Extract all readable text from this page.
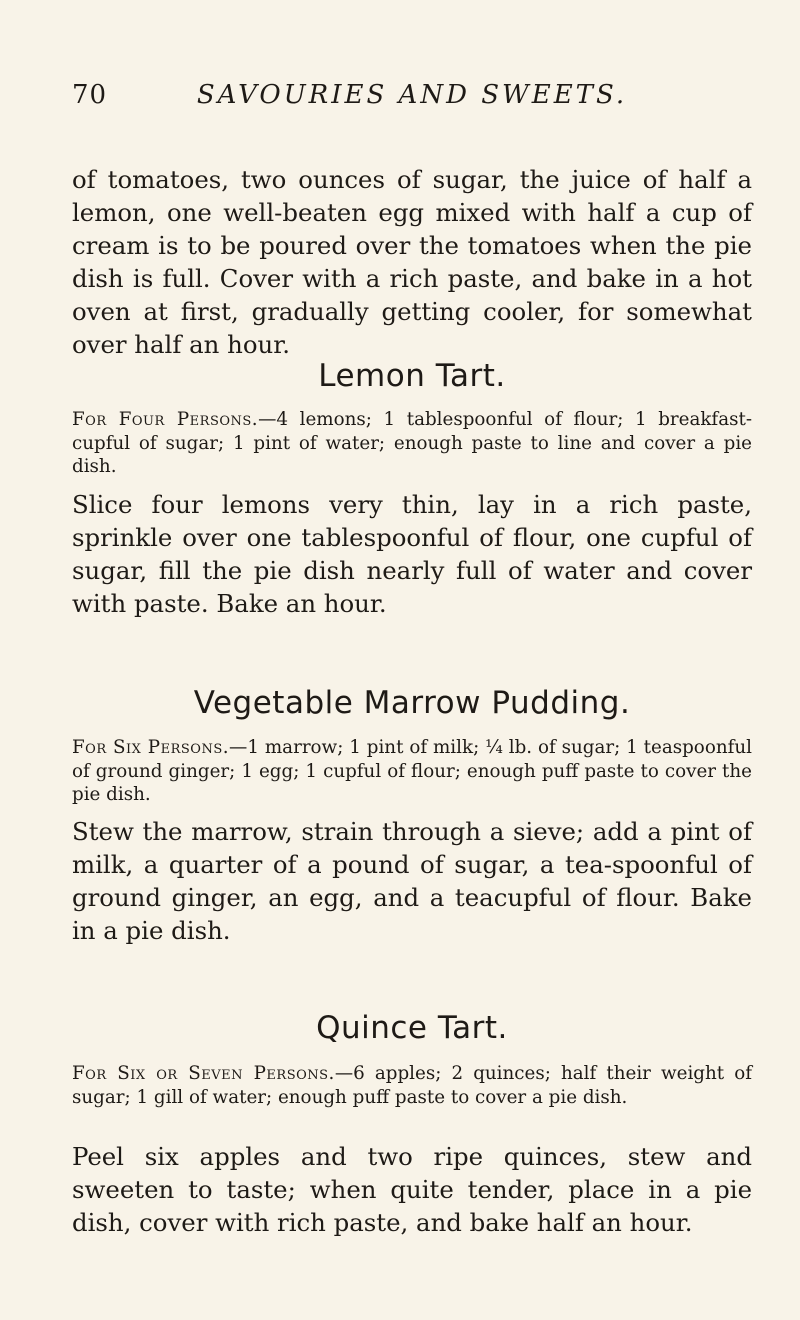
70	SAVOURIES AND SWEETS.

of tomatoes, two ounces of sugar, the juice of half a lemon, one well-beaten egg mixed with half a cup of cream is to be poured over the tomatoes when the pie dish is full. Cover with a rich paste, and bake in a hot oven at first, gradually getting cooler, for somewhat over half an hour.

Lemon Tart.

For Four Persons.—4 lemons; 1 tablespoonful of flour; 1 breakfast-cupful of sugar; 1 pint of water; enough paste to line and cover a pie dish.

Slice four lemons very thin, lay in a rich paste, sprinkle over one tablespoonful of flour, one cupful of sugar, fill the pie dish nearly full of water and cover with paste. Bake an hour.

Vegetable Marrow Pudding.

For Six Persons.—1 marrow; 1 pint of milk; ¼ lb. of sugar; 1 teaspoonful of ground ginger; 1 egg; 1 cupful of flour; enough puff paste to cover the pie dish.

Stew the marrow, strain through a sieve; add a pint of milk, a quarter of a pound of sugar, a tea-spoonful of ground ginger, an egg, and a teacupful of flour. Bake in a pie dish.

Quince Tart.

For Six or Seven Persons.—6 apples; 2 quinces; half their weight of sugar; 1 gill of water; enough puff paste to cover a pie dish.

Peel six apples and two ripe quinces, stew and sweeten to taste; when quite tender, place in a pie dish, cover with rich paste, and bake half an hour.
